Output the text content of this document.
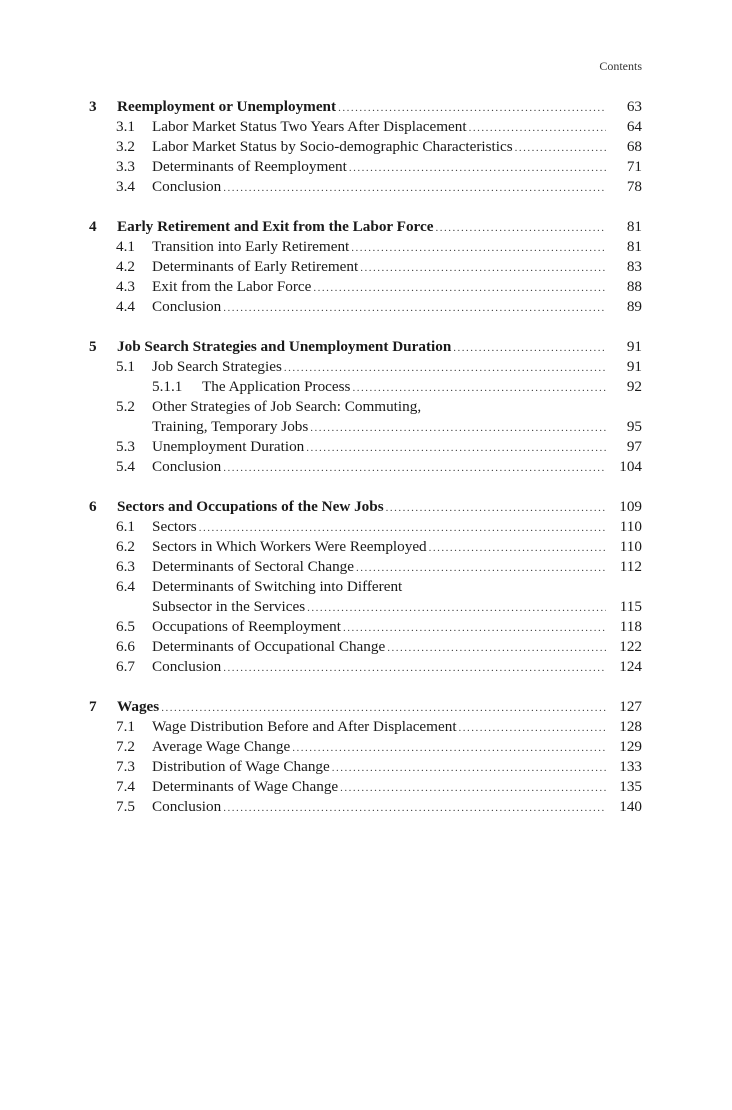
Contents
3 Reemployment or Unemployment .....	63
3.1 Labor Market Status Two Years After Displacement .....	64
3.2 Labor Market Status by Socio-demographic Characteristics .....	68
3.3 Determinants of Reemployment .....	71
3.4 Conclusion .....	78
4 Early Retirement and Exit from the Labor Force .....	81
4.1 Transition into Early Retirement .....	81
4.2 Determinants of Early Retirement .....	83
4.3 Exit from the Labor Force .....	88
4.4 Conclusion .....	89
5 Job Search Strategies and Unemployment Duration .....	91
5.1 Job Search Strategies .....	91
5.1.1 The Application Process .....	92
5.2 Other Strategies of Job Search: Commuting,
Training, Temporary Jobs .....	95
5.3 Unemployment Duration .....	97
5.4 Conclusion .....	104
6 Sectors and Occupations of the New Jobs .....	109
6.1 Sectors .....	110
6.2 Sectors in Which Workers Were Reemployed .....	110
6.3 Determinants of Sectoral Change .....	112
6.4 Determinants of Switching into Different
Subsector in the Services .....	115
6.5 Occupations of Reemployment .....	118
6.6 Determinants of Occupational Change .....	122
6.7 Conclusion .....	124
7 Wages .....	127
7.1 Wage Distribution Before and After Displacement .....	128
7.2 Average Wage Change .....	129
7.3 Distribution of Wage Change .....	133
7.4 Determinants of Wage Change .....	135
7.5 Conclusion .....	140
